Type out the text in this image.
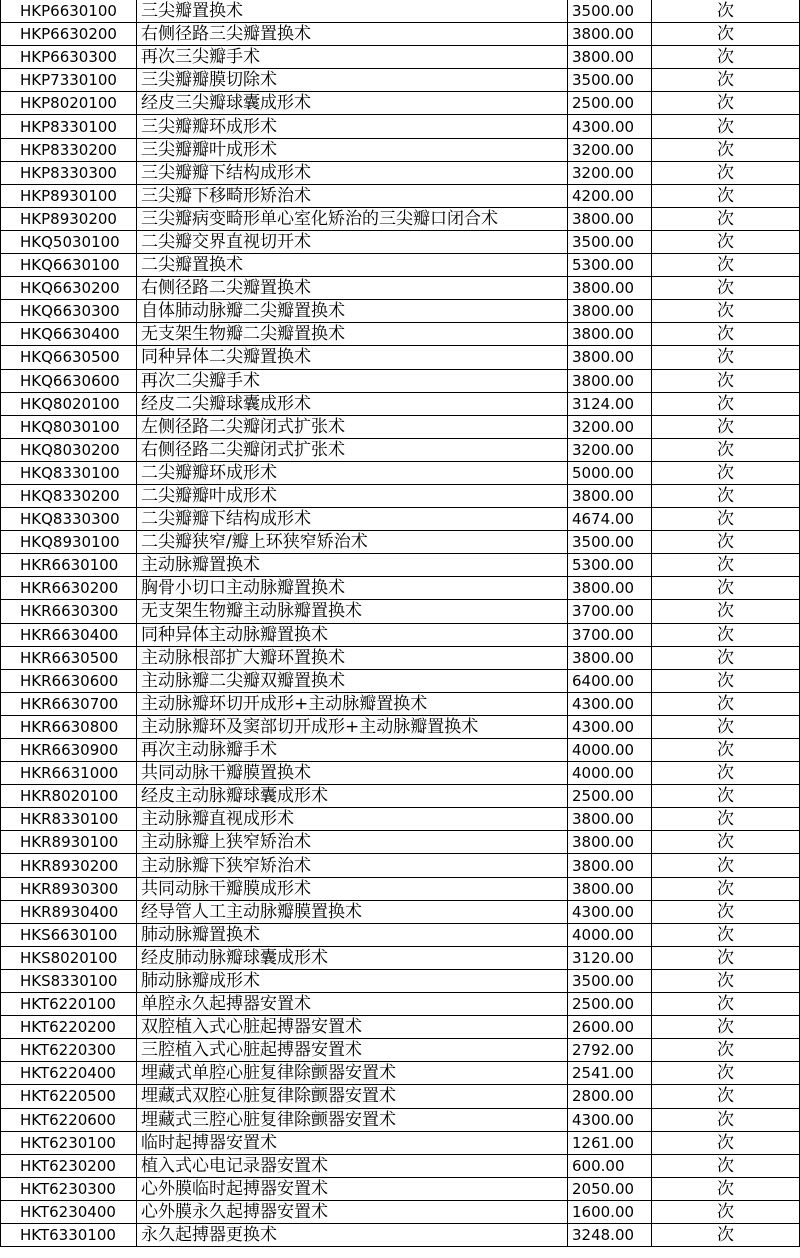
HKP6630100	三尖瓣置换术	3500.00	次
HKP6630200	右侧径路三尖瓣置换术	3800.00	次
HKP6630300	再次三尖瓣手术	3800.00	次
HKP7330100	三尖瓣瓣膜切除术	3500.00	次
HKP8020100	经皮三尖瓣球囊成形术	2500.00	次
HKP8330100	三尖瓣瓣环成形术	4300.00	次
HKP8330200	三尖瓣瓣叶成形术	3200.00	次
HKP8330300	三尖瓣瓣下结构成形术	3200.00	次
HKP8930100	三尖瓣下移畸形矫治术	4200.00	次
HKP8930200	三尖瓣病变畸形单心室化矫治的三尖瓣口闭合术	3800.00	次
HKQ5030100	二尖瓣交界直视切开术	3500.00	次
HKQ6630100	二尖瓣置换术	5300.00	次
HKQ6630200	右侧径路二尖瓣置换术	3800.00	次
HKQ6630300	自体肺动脉瓣二尖瓣置换术	3800.00	次
HKQ6630400	无支架生物瓣二尖瓣置换术	3800.00	次
HKQ6630500	同种异体二尖瓣置换术	3800.00	次
HKQ6630600	再次二尖瓣手术	3800.00	次
HKQ8020100	经皮二尖瓣球囊成形术	3124.00	次
HKQ8030100	左侧径路二尖瓣闭式扩张术	3200.00	次
HKQ8030200	右侧径路二尖瓣闭式扩张术	3200.00	次
HKQ8330100	二尖瓣瓣环成形术	5000.00	次
HKQ8330200	二尖瓣瓣叶成形术	3800.00	次
HKQ8330300	二尖瓣瓣下结构成形术	4674.00	次
HKQ8930100	二尖瓣狭窄/瓣上环狭窄矫治术	3500.00	次
HKR6630100	主动脉瓣置换术	5300.00	次
HKR6630200	胸骨小切口主动脉瓣置换术	3800.00	次
HKR6630300	无支架生物瓣主动脉瓣置换术	3700.00	次
HKR6630400	同种异体主动脉瓣置换术	3700.00	次
HKR6630500	主动脉根部扩大瓣环置换术	3800.00	次
HKR6630600	主动脉瓣二尖瓣双瓣置换术	6400.00	次
HKR6630700	主动脉瓣环切开成形+主动脉瓣置换术	4300.00	次
HKR6630800	主动脉瓣环及窦部切开成形+主动脉瓣置换术	4300.00	次
HKR6630900	再次主动脉瓣手术	4000.00	次
HKR6631000	共同动脉干瓣膜置换术	4000.00	次
HKR8020100	经皮主动脉瓣球囊成形术	2500.00	次
HKR8330100	主动脉瓣直视成形术	3800.00	次
HKR8930100	主动脉瓣上狭窄矫治术	3800.00	次
HKR8930200	主动脉瓣下狭窄矫治术	3800.00	次
HKR8930300	共同动脉干瓣膜成形术	3800.00	次
HKR8930400	经导管人工主动脉瓣膜置换术	4300.00	次
HKS6630100	肺动脉瓣置换术	4000.00	次
HKS8020100	经皮肺动脉瓣球囊成形术	3120.00	次
HKS8330100	肺动脉瓣成形术	3500.00	次
HKT6220100	单腔永久起搏器安置术	2500.00	次
HKT6220200	双腔植入式心脏起搏器安置术	2600.00	次
HKT6220300	三腔植入式心脏起搏器安置术	2792.00	次
HKT6220400	埋藏式单腔心脏复律除颤器安置术	2541.00	次
HKT6220500	埋藏式双腔心脏复律除颤器安置术	2800.00	次
HKT6220600	埋藏式三腔心脏复律除颤器安置术	4300.00	次
HKT6230100	临时起搏器安置术	1261.00	次
HKT6230200	植入式心电记录器安置术	600.00	次
HKT6230300	心外膜临时起搏器安置术	2050.00	次
HKT6230400	心外膜永久起搏器安置术	1600.00	次
HKT6330100	永久起搏器更换术	3248.00	次
